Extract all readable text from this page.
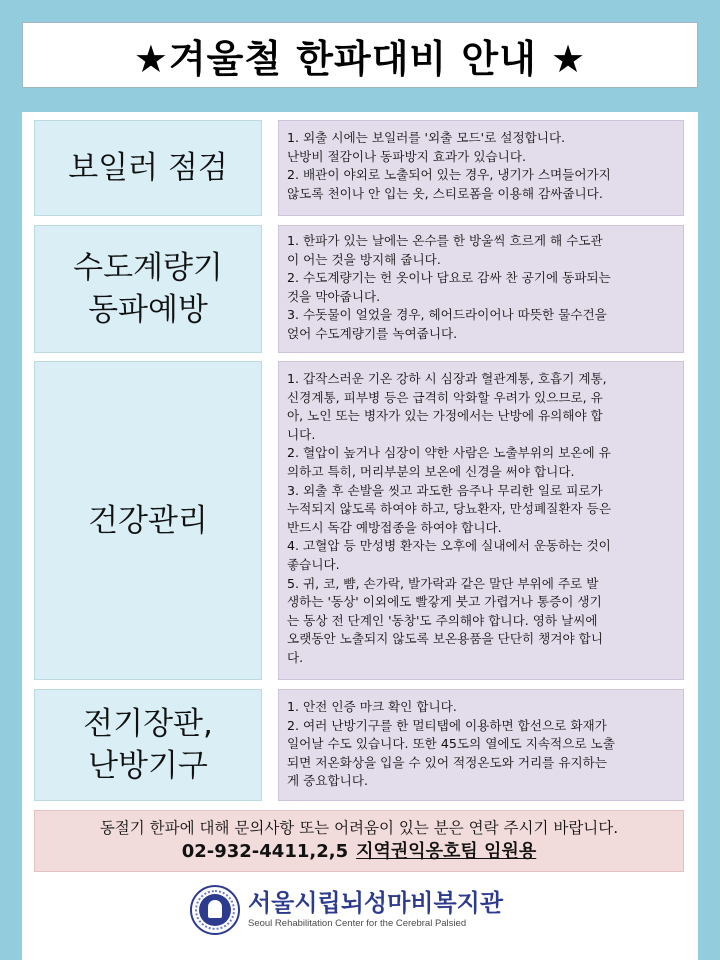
★겨울철 한파대비 안내 ★
보일러 점검
1. 외출 시에는 보일러를 '외출 모드'로 설정합니다.
난방비 절감이나 동파방지 효과가 있습니다.
2. 배관이 야외로 노출되어 있는 경우, 냉기가 스며들어가지
않도록 천이나 안 입는 옷, 스티로폼을 이용해 감싸줍니다.
수도계량기
동파예방
1. 한파가 있는 날에는 온수를 한 방울씩 흐르게 해 수도관
이 어는 것을 방지해 줍니다.
2. 수도계량기는 헌 옷이나 담요로 감싸 찬 공기에 동파되는
것을 막아줍니다.
3. 수돗물이 얼었을 경우, 헤어드라이어나 따뜻한 물수건을
얹어 수도계량기를 녹여줍니다.
건강관리
1. 갑작스러운 기온 강하 시 심장과 혈관계통, 호흡기 계통,
신경계통, 피부병 등은 급격히 악화할 우려가 있으므로, 유
아, 노인 또는 병자가 있는 가정에서는 난방에 유의해야 합
니다.
2. 혈압이 높거나 심장이 약한 사람은 노출부위의 보온에 유
의하고 특히, 머리부분의 보온에 신경을 써야 합니다.
3. 외출 후 손발을 씻고 과도한 음주나 무리한 일로 피로가
누적되지 않도록 하여야 하고, 당뇨환자, 만성폐질환자 등은
반드시 독감 예방접종을 하여야 합니다.
4. 고혈압 등 만성병 환자는 오후에 실내에서 운동하는 것이
좋습니다.
5. 귀, 코, 뺨, 손가락, 발가락과 같은 말단 부위에 주로 발
생하는 '동상' 이외에도 빨갛게 붓고 가렵거나 통증이 생기
는 동상 전 단계인 '동창'도 주의해야 합니다. 영하 날씨에
오랫동안 노출되지 않도록 보온용품을 단단히 챙겨야 합니
다.
전기장판,
난방기구
1. 안전 인증 마크 확인 합니다.
2. 여러 난방기구를 한 멀티탭에 이용하면 합선으로 화재가
일어날 수도 있습니다. 또한 45도의 열에도 지속적으로 노출
되면 저온화상을 입을 수 있어 적정온도와 거리를 유지하는
게 중요합니다.
동절기 한파에 대해 문의사항 또는 어려움이 있는 분은 연락 주시기 바랍니다.
02-932-4411,2,5 지역권익옹호팀 임원용
서울시립뇌성마비복지관
Seoul Rehabilitation Center for the Cerebral Palsied
